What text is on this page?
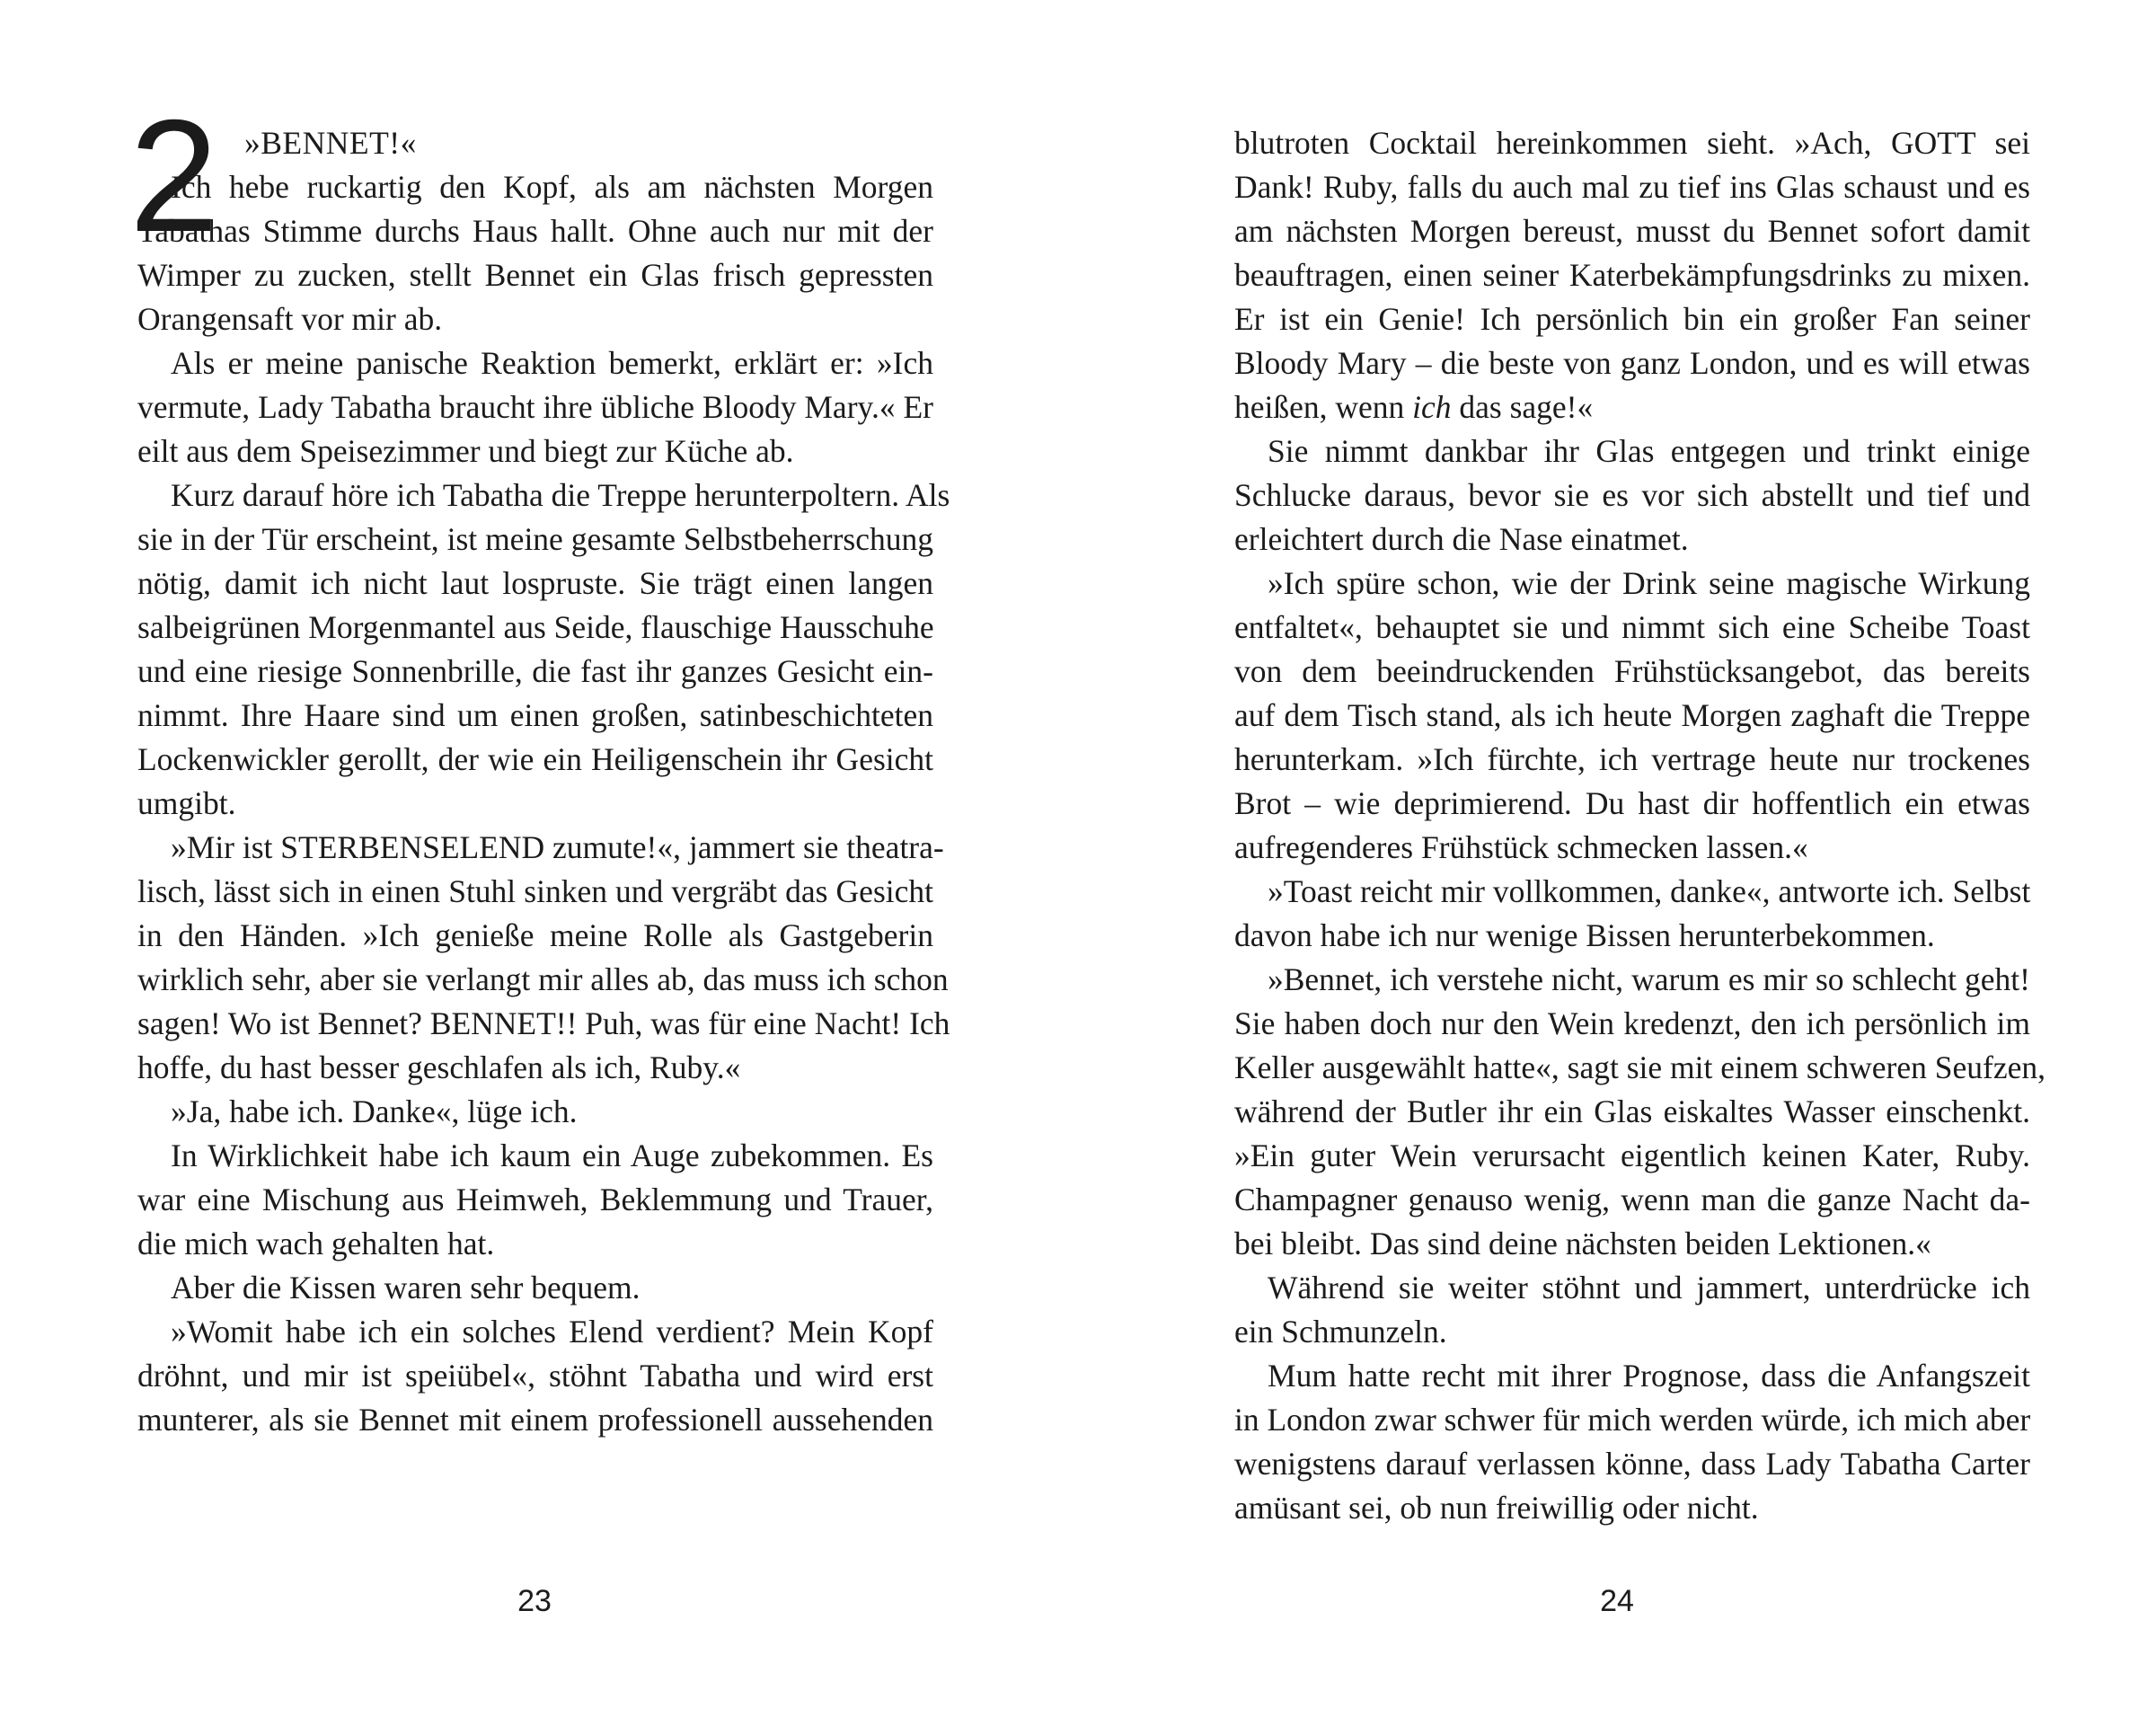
2 »BENNET!«
Ich hebe ruckartig den Kopf, als am nächsten Morgen
Tabathas Stimme durchs Haus hallt. Ohne auch nur mit der
Wimper zu zucken, stellt Bennet ein Glas frisch gepressten
Orangensaft vor mir ab.
Als er meine panische Reaktion bemerkt, erklärt er: »Ich
vermute, Lady Tabatha braucht ihre übliche Bloody Mary.« Er
eilt aus dem Speisezimmer und biegt zur Küche ab.
Kurz darauf höre ich Tabatha die Treppe herunterpoltern. Als
sie in der Tür erscheint, ist meine gesamte Selbstbeherrschung
nötig, damit ich nicht laut lospruste. Sie trägt einen langen
salbeigrünen Morgenmantel aus Seide, flauschige Hausschuhe
und eine riesige Sonnenbrille, die fast ihr ganzes Gesicht ein-
nimmt. Ihre Haare sind um einen großen, satinbeschichteten
Lockenwickler gerollt, der wie ein Heiligenschein ihr Gesicht
umgibt.
»Mir ist STERBENSELEND zumute!«, jammert sie theatra-
lisch, lässt sich in einen Stuhl sinken und vergräbt das Gesicht
in den Händen. »Ich genieße meine Rolle als Gastgeberin
wirklich sehr, aber sie verlangt mir alles ab, das muss ich schon
sagen! Wo ist Bennet? BENNET!! Puh, was für eine Nacht! Ich
hoffe, du hast besser geschlafen als ich, Ruby.«
»Ja, habe ich. Danke«, lüge ich.
In Wirklichkeit habe ich kaum ein Auge zubekommen. Es
war eine Mischung aus Heimweh, Beklemmung und Trauer,
die mich wach gehalten hat.
Aber die Kissen waren sehr bequem.
»Womit habe ich ein solches Elend verdient? Mein Kopf
dröhnt, und mir ist speiübel«, stöhnt Tabatha und wird erst
munterer, als sie Bennet mit einem professionell aussehenden
23
blutroten Cocktail hereinkommen sieht. »Ach, GOTT sei
Dank! Ruby, falls du auch mal zu tief ins Glas schaust und es
am nächsten Morgen bereust, musst du Bennet sofort damit
beauftragen, einen seiner Katerbekämpfungsdrinks zu mixen.
Er ist ein Genie! Ich persönlich bin ein großer Fan seiner
Bloody Mary – die beste von ganz London, und es will etwas
heißen, wenn ich das sage!«
Sie nimmt dankbar ihr Glas entgegen und trinkt einige
Schlucke daraus, bevor sie es vor sich abstellt und tief und
erleichtert durch die Nase einatmet.
»Ich spüre schon, wie der Drink seine magische Wirkung
entfaltet«, behauptet sie und nimmt sich eine Scheibe Toast
von dem beeindruckenden Frühstücksangebot, das bereits
auf dem Tisch stand, als ich heute Morgen zaghaft die Treppe
herunterkam. »Ich fürchte, ich vertrage heute nur trockenes
Brot – wie deprimierend. Du hast dir hoffentlich ein etwas
aufregenderes Frühstück schmecken lassen.«
»Toast reicht mir vollkommen, danke«, antworte ich. Selbst
davon habe ich nur wenige Bissen herunterbekommen.
»Bennet, ich verstehe nicht, warum es mir so schlecht geht!
Sie haben doch nur den Wein kredenzt, den ich persönlich im
Keller ausgewählt hatte«, sagt sie mit einem schweren Seufzen,
während der Butler ihr ein Glas eiskaltes Wasser einschenkt.
»Ein guter Wein verursacht eigentlich keinen Kater, Ruby.
Champagner genauso wenig, wenn man die ganze Nacht da-
bei bleibt. Das sind deine nächsten beiden Lektionen.«
Während sie weiter stöhnt und jammert, unterdrücke ich
ein Schmunzeln.
Mum hatte recht mit ihrer Prognose, dass die Anfangszeit
in London zwar schwer für mich werden würde, ich mich aber
wenigstens darauf verlassen könne, dass Lady Tabatha Carter
amüsant sei, ob nun freiwillig oder nicht.
24
